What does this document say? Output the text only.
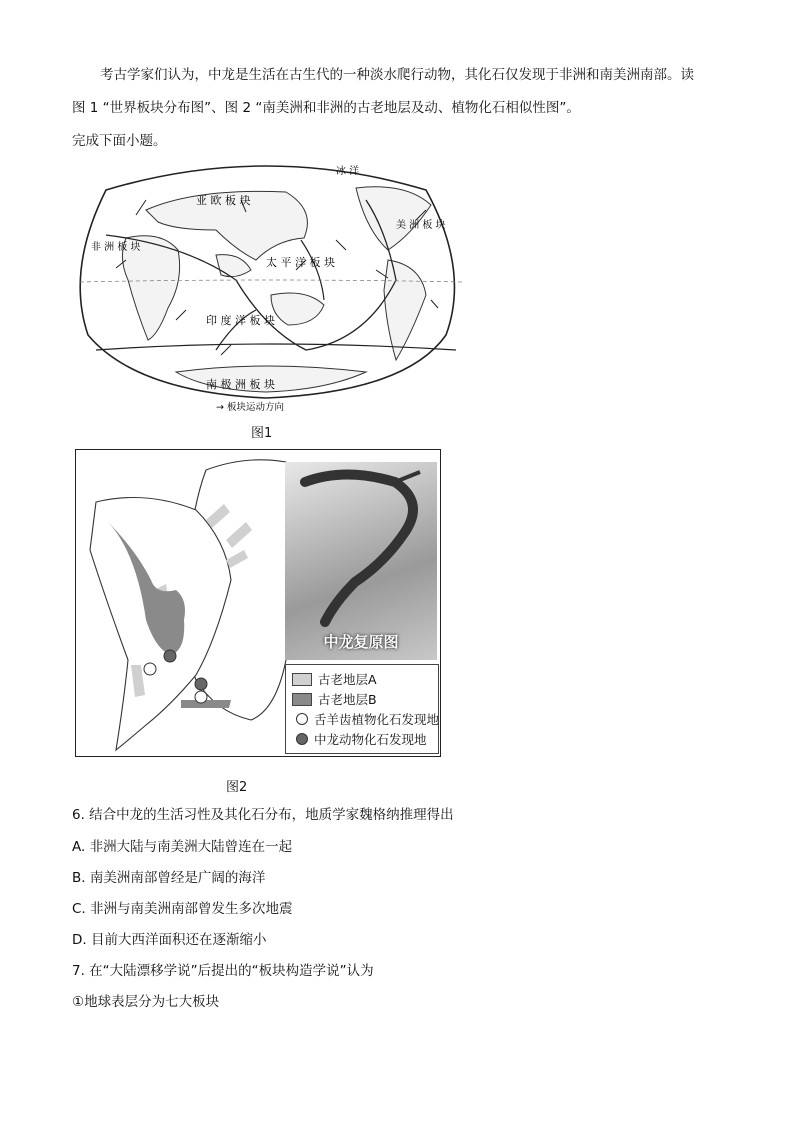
考古学家们认为，中龙是生活在古生代的一种淡水爬行动物，其化石仅发现于非洲和南美洲南部。读
图 1 “世界板块分布图”、图 2 “南美洲和非洲的古老地层及动、植物化石相似性图”。
完成下面小题。
亚 欧 板 块
冰 洋
太 平 洋 板 块
印 度 洋 板 块
南 极 洲 板 块
美 洲 板 块
非 洲 板 块
→ 板块运动方向
图1
中龙复原图
古老地层A
古老地层B
舌羊齿植物化石发现地
中龙动物化石发现地
图2
6. 结合中龙的生活习性及其化石分布，地质学家魏格纳推理得出
A. 非洲大陆与南美洲大陆曾连在一起
B. 南美洲南部曾经是广阔的海洋
C. 非洲与南美洲南部曾发生多次地震
D. 目前大西洋面积还在逐渐缩小
7. 在“大陆漂移学说”后提出的“板块构造学说”认为
①地球表层分为七大板块
